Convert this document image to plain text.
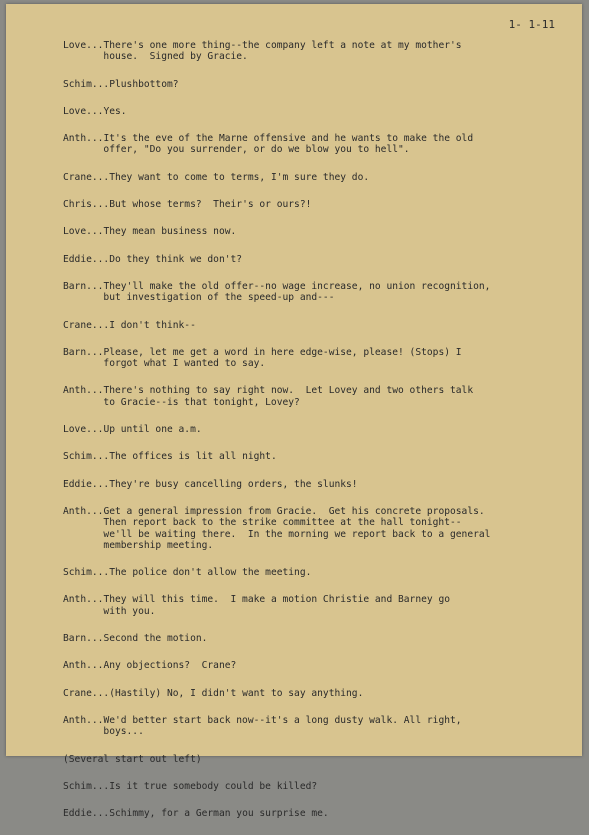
1- 1-11

Love...There's one more thing--the company left a note at my mother's
house.  Signed by Gracie.

Schim...Plushbottom?

Love...Yes.

Anth...It's the eve of the Marne offensive and he wants to make the old
offer, "Do you surrender, or do we blow you to hell".

Crane...They want to come to terms, I'm sure they do.

Chris...But whose terms?  Their's or ours?!

Love...They mean business now.

Eddie...Do they think we don't?

Barn...They'll make the old offer--no wage increase, no union recognition,
but investigation of the speed-up and---

Crane...I don't think--

Barn...Please, let me get a word in here edge-wise, please! (Stops) I
forgot what I wanted to say.

Anth...There's nothing to say right now.  Let Lovey and two others talk
to Gracie--is that tonight, Lovey?

Love...Up until one a.m.

Schim...The offices is lit all night.

Eddie...They're busy cancelling orders, the slunks!

Anth...Get a general impression from Gracie.  Get his concrete proposals.
Then report back to the strike committee at the hall tonight--
we'll be waiting there.  In the morning we report back to a general
membership meeting.

Schim...The police don't allow the meeting.

Anth...They will this time.  I make a motion Christie and Barney go
with you.

Barn...Second the motion.

Anth...Any objections?  Crane?

Crane...(Hastily) No, I didn't want to say anything.

Anth...We'd better start back now--it's a long dusty walk. All right,
boys...

(Several start out left)

Schim...Is it true somebody could be killed?

Eddie...Schimmy, for a German you surprise me.
